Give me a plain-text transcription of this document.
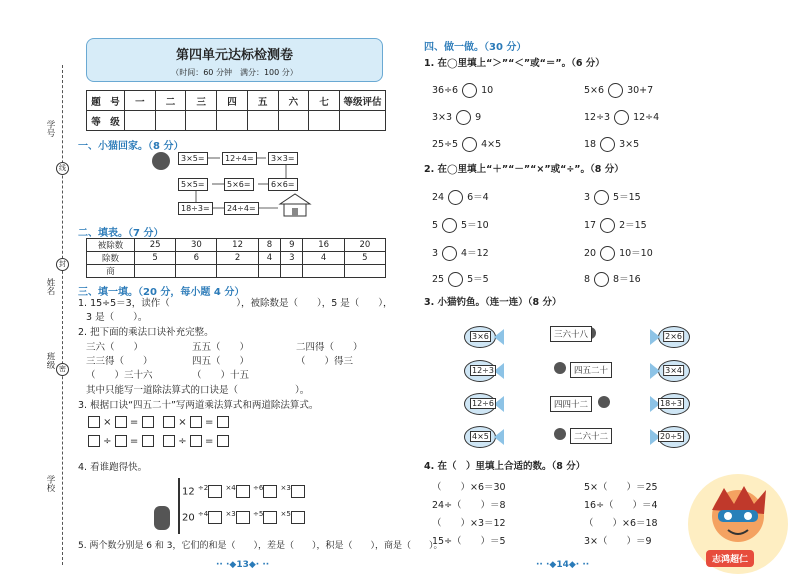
学号
姓名
班级
学校
线
封
密
第四单元达标检测卷
（时间：60 分钟　满分：100 分）
题　号	一	二	三	四	五	六	七	等级评估
等　级								
一、小猫回家。（8 分）
3×5=	12÷4=	3×3=
5×5=	5×6=	6×6=
18÷3=	24÷4=
二、填表。（7 分）
被除数	25	30	12	8	9	16	20
除数	5	6	2	4	3	4	5
商							
三、填一填。（20 分，每小题 4 分）
1. 15÷5＝3，读作（　　　　　　　），被除数是（　　），5 是（　　），
3 是（　　）。
2. 把下面的乘法口诀补充完整。
三六（　　）	五五（　　）	二四得（　　）
三三得（　　）	四五（　　）	（　　）得三
（　　）三十六	（　　）十五
其中只能写一道除法算式的口诀是（　　　　　　）。
3. 根据口诀“四五二十”写两道乘法算式和两道除法算式。
×  =	×  =
÷  =	÷  =
4. 看谁跑得快。
12 $^{\div 2}$ $^{\times 4}$ $^{\div 6}$ $^{\times 3}$
20 $^{\div 4}$ $^{\times 3}$ $^{\div 5}$ $^{\times 5}$
5. 两个数分别是 6 和 3，它们的和是（　　），差是（　　），积是（　　），商是（　　）。
·· ·◆13◆· ··
四、做一做。（30 分）
1. 在◯里填上“＞”“＜”或“＝”。（6 分）
36÷6 10	5×6 30+7
3×3 9	12÷3 12÷4
25÷5 4×5	18 3×5
2. 在◯里填上“＋”“－”“×”或“÷”。（8 分）
24 6＝4	3 5＝15
5 5＝10	17 2＝15
3 4＝12	20 10＝10
25 5＝5	8 8＝16
3. 小猫钓鱼。（连一连）（8 分）
3×6
12÷3
12÷6
4×5
三六十八
四五二十
四四十二
二六十二
2×6
3×4
18÷3
20÷5
4. 在（　）里填上合适的数。（8 分）
（　　）×6＝30	5×（　　）＝25
24÷（　　）＝8	16÷（　　）＝4
（　　）×3＝12	（　　）×6＝18
15÷（　　）＝5	3×（　　）＝9
·· ·◆14◆· ··	志鸿超仁
